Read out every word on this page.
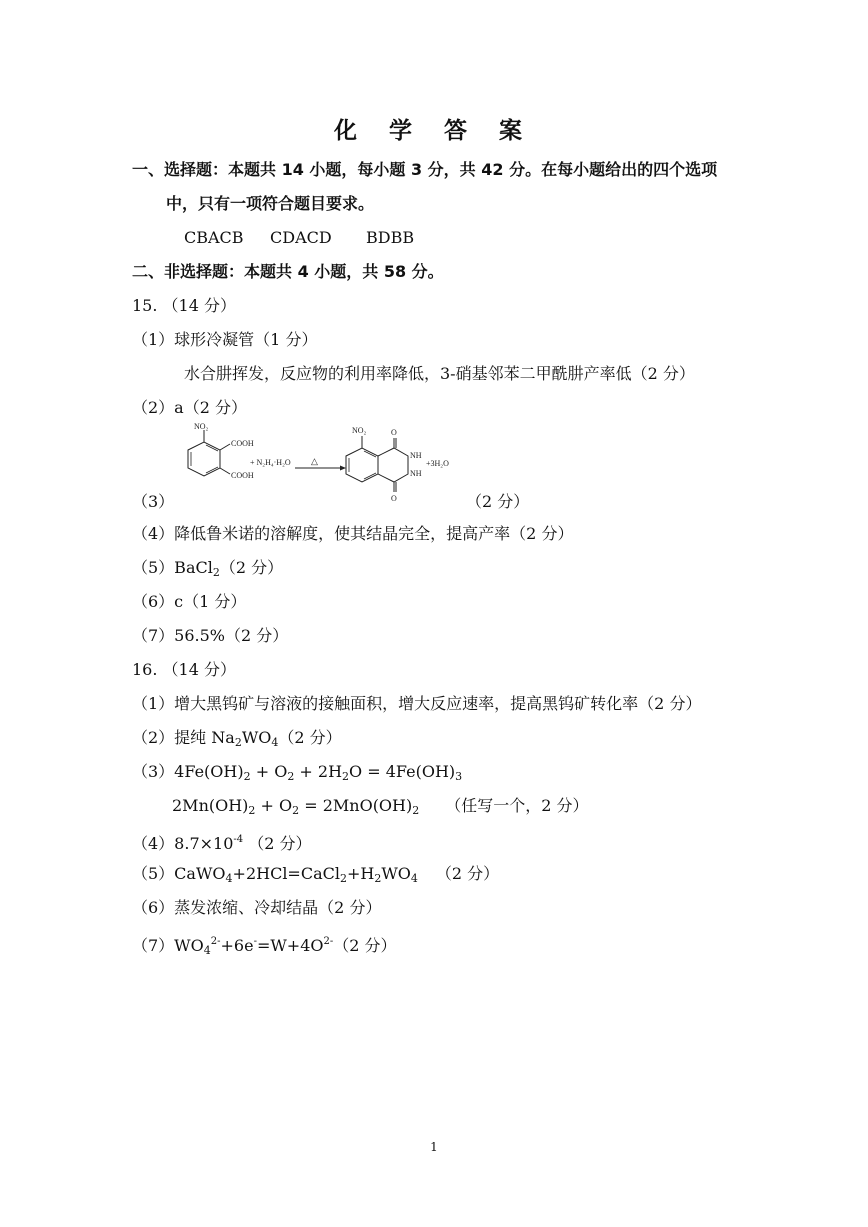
化 学 答 案
一、选择题：本题共 14 小题，每小题 3 分，共 42 分。在每小题给出的四个选项
中，只有一项符合题目要求。
CBACB CDACD BDBB
二、非选择题：本题共 4 小题，共 58 分。
15. （14 分）
（1）球形冷凝管（1 分）
水合肼挥发，反应物的利用率降低，3-硝基邻苯二甲酰肼产率低（2 分）
（2）a（2 分）
NO₂
COOH
COOH
+ N₂H₄·H₂O △
NO₂	O
NH
NH
O
+3H₂O
（3）	（2 分）
（4）降低鲁米诺的溶解度，使其结晶完全，提高产率（2 分）
（5）BaCl$_2$（2 分）
（6）c（1 分）
（7）56.5%（2 分）
16. （14 分）
（1）增大黑钨矿与溶液的接触面积，增大反应速率，提高黑钨矿转化率（2 分）
（2）提纯 $Na_2WO_4(2$ 分）
$(3)4Fe(OH)_2 + O_2 + 2H_2O = 4Fe(OH)_3$
$2Mn(OH)_2 + O_2 = 2MnO(OH)_2$ （任写一个，2 分）
$(4)8.7\times 10^{-4}$ （2 分）
$(5)CaWO_4+2HCl=CaCl_2+H_2WO_4$ （2 分）
（6）蒸发浓缩、冷却结晶（2 分）
$(7)WO_4^{2-}+6e^-=W+4O^{2-}(2$ 分）
1
